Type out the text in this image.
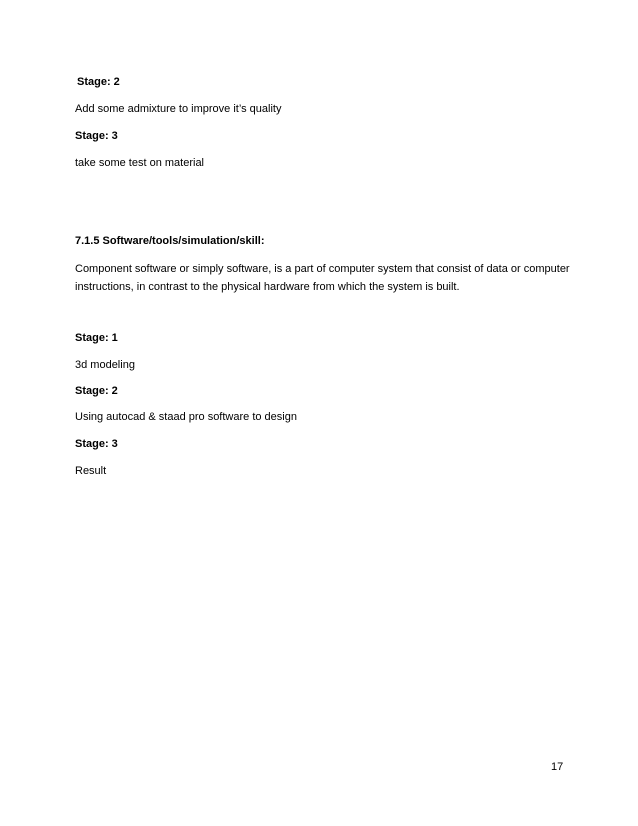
Stage: 2

Add some admixture to improve it’s quality

Stage: 3

take some test on material

7.1.5 Software/tools/simulation/skill:

Component software or simply software, is a part of computer system that consist of data or computer

instructions, in contrast to the physical hardware from which the system is built.

Stage: 1

3d modeling

Stage: 2

Using autocad & staad pro software to design

Stage: 3

Result

17
